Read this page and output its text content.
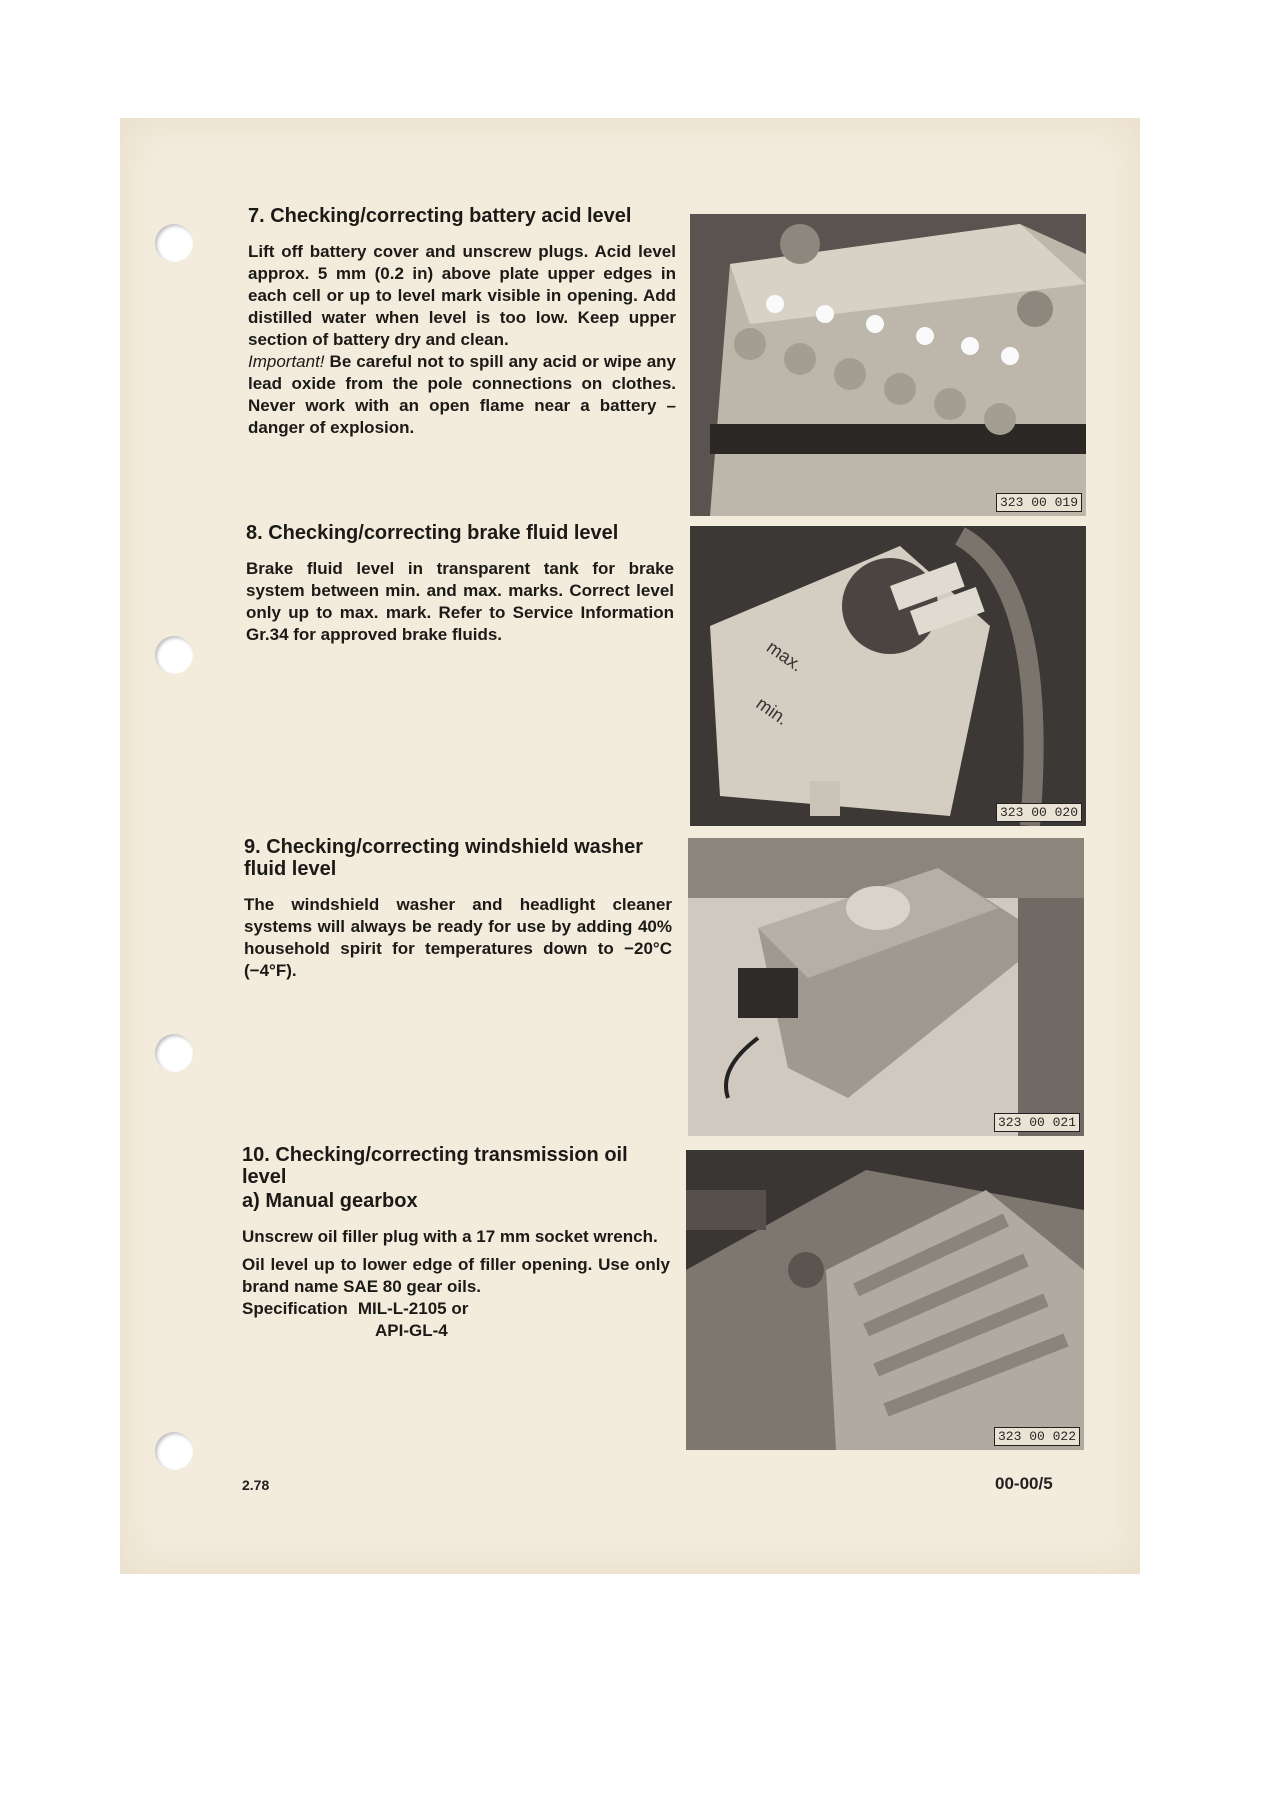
7. Checking/correcting battery acid level

Lift off battery cover and unscrew plugs. Acid level approx. 5 mm (0.2 in) above plate upper edges in each cell or up to level mark visible in opening. Add distilled water when level is too low. Keep upper section of battery dry and clean.

Important! Be careful not to spill any acid or wipe any lead oxide from the pole connections on clothes. Never work with an open flame near a battery – danger of explosion.

8. Checking/correcting brake fluid level

Brake fluid level in transparent tank for brake system between min. and max. marks. Correct level only up to max. mark. Refer to Service Information Gr.34 for approved brake fluids.

9. Checking/correcting windshield washer fluid level

The windshield washer and headlight cleaner systems will always be ready for use by adding 40% household spirit for temperatures down to −20°C (−4°F).

10. Checking/correcting transmission oil level
a) Manual gearbox

Unscrew oil filler plug with a 17 mm socket wrench.

Oil level up to lower edge of filler opening. Use only brand name SAE 80 gear oils.

Specification MIL-L-2105 or
API-GL-4
323 00 019
max.
min.
323 00 020
323 00 021
323 00 022
2.78	00-00/5
